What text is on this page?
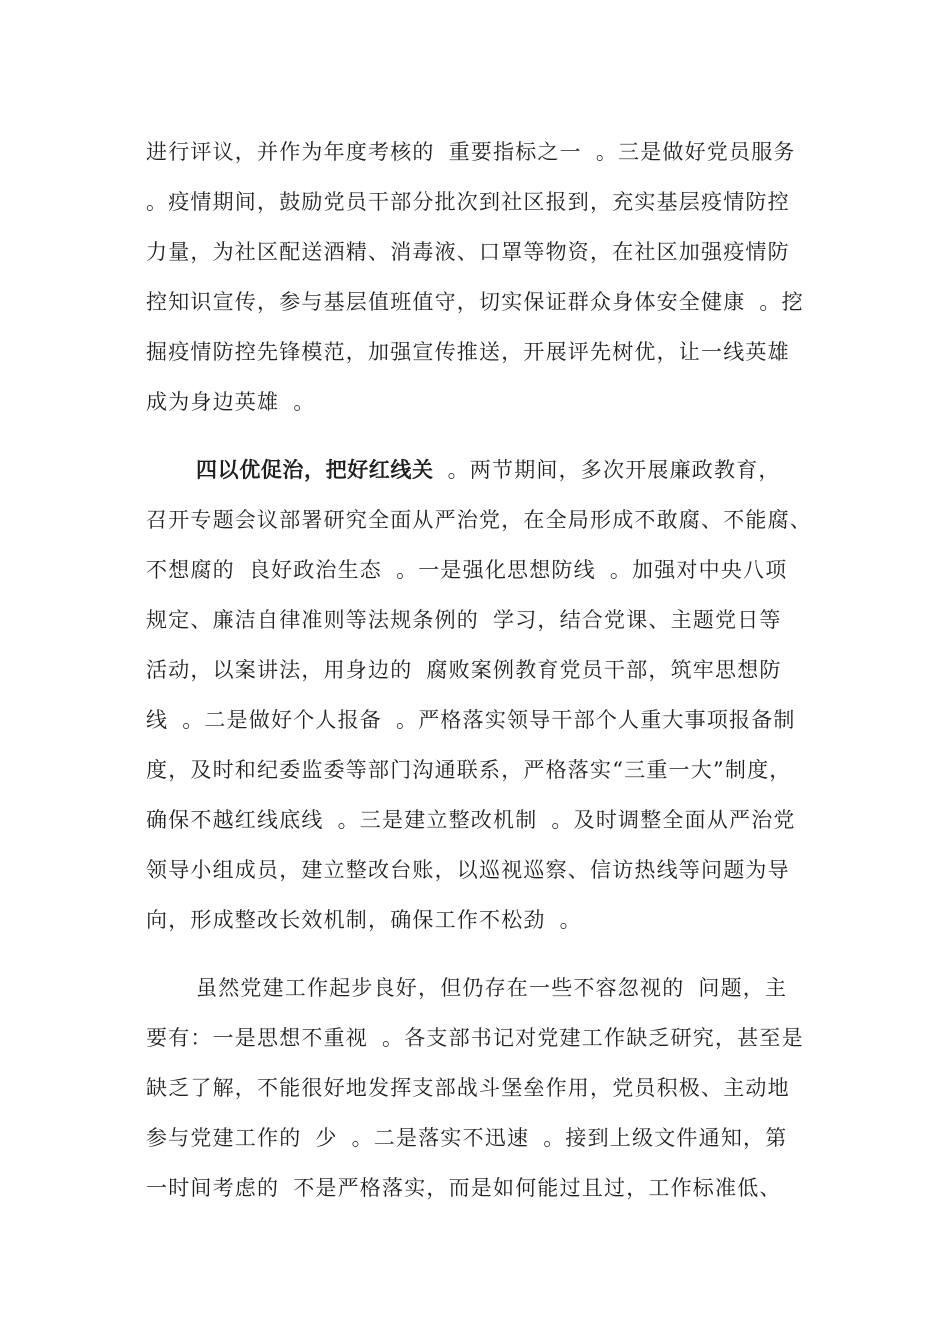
进行评议，并作为年度考核的 重要指标之一 。三是做好党员服务
。疫情期间，鼓励党员干部分批次到社区报到，充实基层疫情防控
力量，为社区配送酒精、消毒液、口罩等物资，在社区加强疫情防
控知识宣传，参与基层值班值守，切实保证群众身体安全健康 。挖
掘疫情防控先锋模范，加强宣传推送，开展评先树优，让一线英雄
成为身边英雄 。
四以优促治，把好红线关 。两节期间，多次开展廉政教育，
召开专题会议部署研究全面从严治党，在全局形成不敢腐、不能腐、
不想腐的 良好政治生态 。一是强化思想防线 。加强对中央八项
规定、廉洁自律准则等法规条例的 学习，结合党课、主题党日等
活动，以案讲法，用身边的 腐败案例教育党员干部，筑牢思想防
线 。二是做好个人报备 。严格落实领导干部个人重大事项报备制
度，及时和纪委监委等部门沟通联系，严格落实“三重一大”制度，
确保不越红线底线 。三是建立整改机制 。及时调整全面从严治党
领导小组成员，建立整改台账，以巡视巡察、信访热线等问题为导
向，形成整改长效机制，确保工作不松劲 。
虽然党建工作起步良好，但仍存在一些不容忽视的 问题，主
要有：一是思想不重视 。各支部书记对党建工作缺乏研究，甚至是
缺乏了解，不能很好地发挥支部战斗堡垒作用，党员积极、主动地
参与党建工作的 少 。二是落实不迅速 。接到上级文件通知，第
一时间考虑的 不是严格落实，而是如何能过且过，工作标准低、
